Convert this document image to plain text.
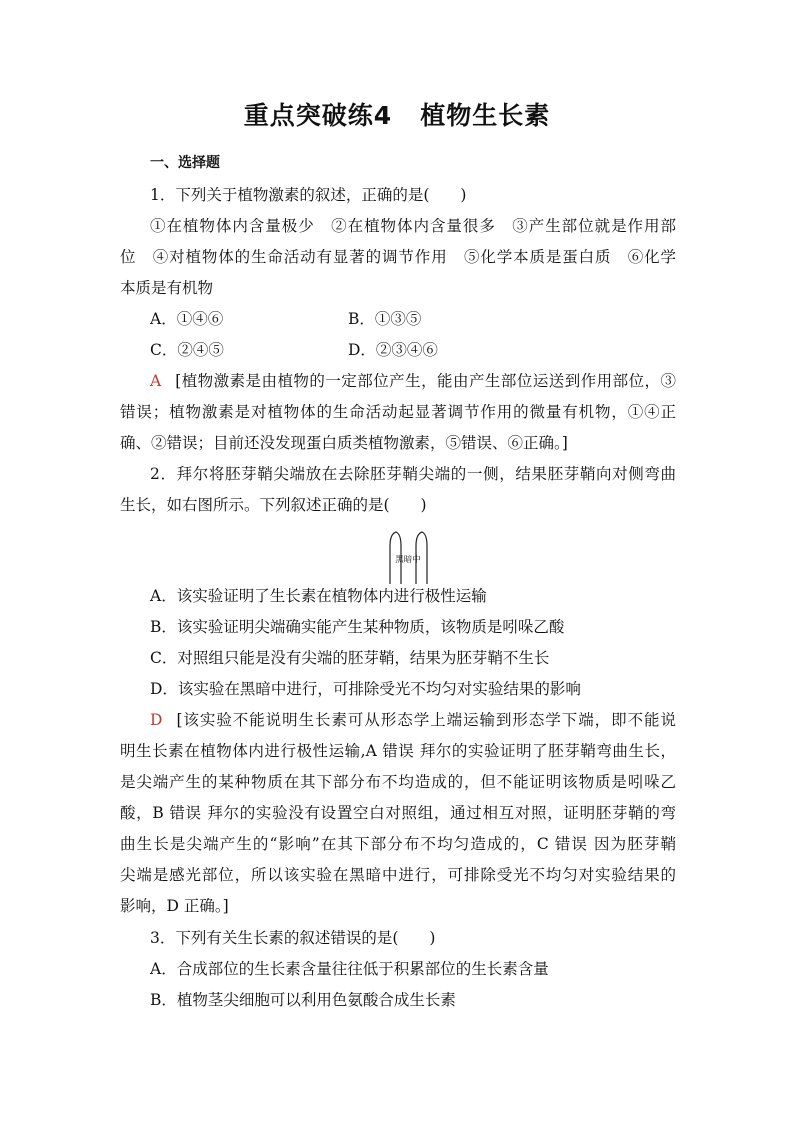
重点突破练4 植物生长素
一、选择题
1．下列关于植物激素的叙述，正确的是(　　)
①在植物体内含量极少　②在植物体内含量很多　③产生部位就是作用部
位　④对植物体的生命活动有显著的调节作用　⑤化学本质是蛋白质　⑥化学
本质是有机物
A．①④⑥	B．①③⑤
C．②④⑤	D．②③④⑥
A [植物激素是由植物的一定部位产生，能由产生部位运送到作用部位，③
错误；植物激素是对植物体的生命活动起显著调节作用的微量有机物，①④正
确、②错误；目前还没发现蛋白质类植物激素，⑤错误、⑥正确。]
2．拜尔将胚芽鞘尖端放在去除胚芽鞘尖端的一侧，结果胚芽鞘向对侧弯曲
生长，如右图所示。下列叙述正确的是(　　)
黑暗中
A．该实验证明了生长素在植物体内进行极性运输
B．该实验证明尖端确实能产生某种物质，该物质是吲哚乙酸
C．对照组只能是没有尖端的胚芽鞘，结果为胚芽鞘不生长
D．该实验在黑暗中进行，可排除受光不均匀对实验结果的影响
D [该实验不能说明生长素可从形态学上端运输到形态学下端，即不能说
明生长素在植物体内进行极性运输,A 错误 拜尔的实验证明了胚芽鞘弯曲生长，
是尖端产生的某种物质在其下部分布不均造成的，但不能证明该物质是吲哚乙
酸，B 错误 拜尔的实验没有设置空白对照组，通过相互对照，证明胚芽鞘的弯
曲生长是尖端产生的“影响”在其下部分布不均匀造成的，C 错误 因为胚芽鞘
尖端是感光部位，所以该实验在黑暗中进行，可排除受光不均匀对实验结果的
影响，D 正确。]
3．下列有关生长素的叙述错误的是(　　)
A．合成部位的生长素含量往往低于积累部位的生长素含量
B．植物茎尖细胞可以利用色氨酸合成生长素
